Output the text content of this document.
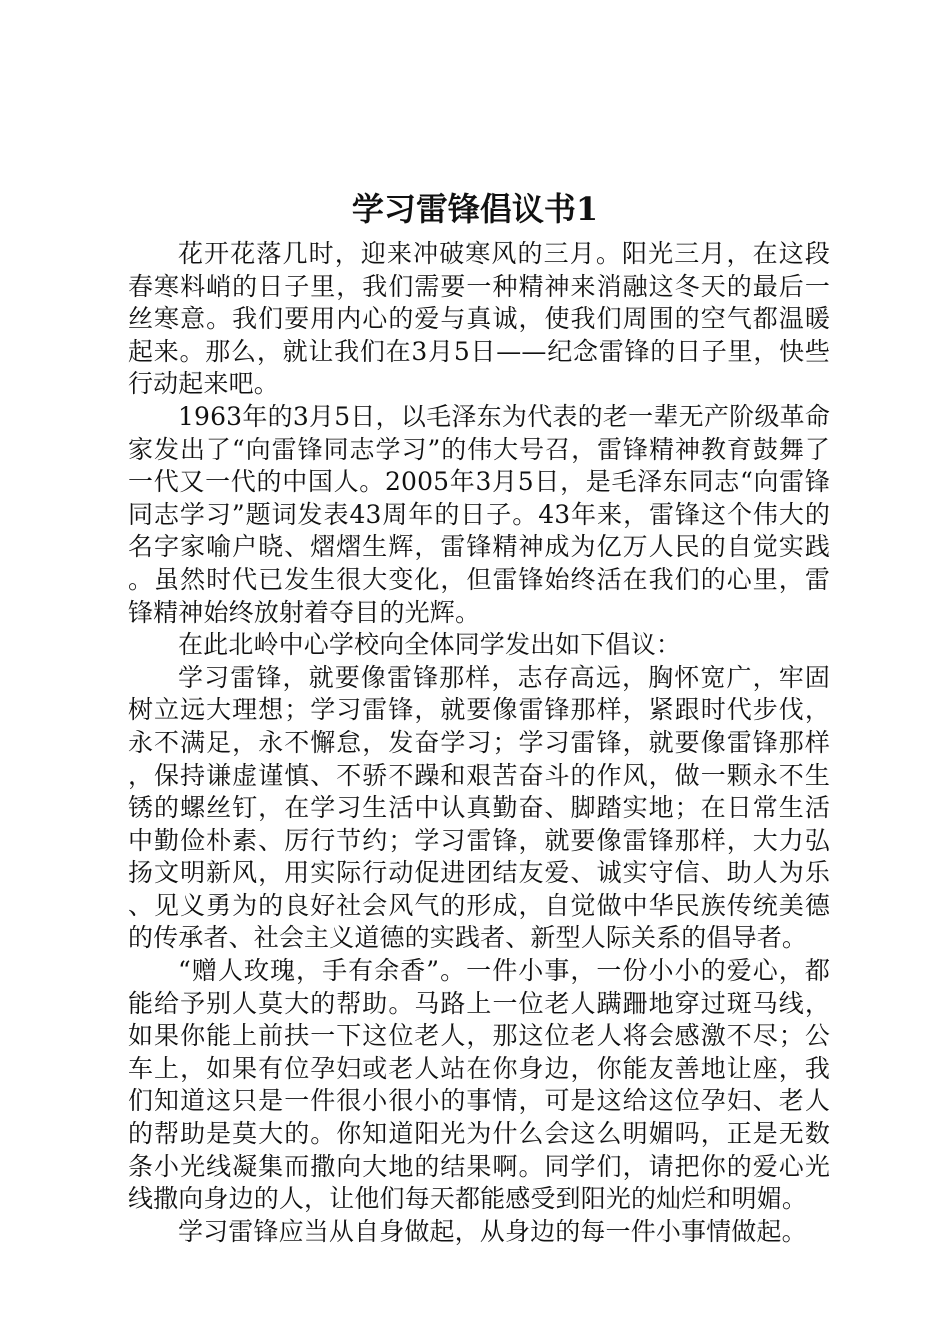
学习雷锋倡议书1

花开花落几时，迎来冲破寒风的三月。阳光三月，在这段春寒料峭的日子里，我们需要一种精神来消融这冬天的最后一丝寒意。我们要用内心的爱与真诚，使我们周围的空气都温暖起来。那么，就让我们在3月5日——纪念雷锋的日子里，快些行动起来吧。

1963年的3月5日，以毛泽东为代表的老一辈无产阶级革命家发出了“向雷锋同志学习”的伟大号召，雷锋精神教育鼓舞了一代又一代的中国人。2005年3月5日，是毛泽东同志“向雷锋同志学习”题词发表43周年的日子。43年来，雷锋这个伟大的名字家喻户晓、熠熠生辉，雷锋精神成为亿万人民的自觉实践。虽然时代已发生很大变化，但雷锋始终活在我们的心里，雷锋精神始终放射着夺目的光辉。

在此北岭中心学校向全体同学发出如下倡议：

学习雷锋，就要像雷锋那样，志存高远，胸怀宽广，牢固树立远大理想；学习雷锋，就要像雷锋那样，紧跟时代步伐，永不满足，永不懈怠，发奋学习；学习雷锋，就要像雷锋那样，保持谦虚谨慎、不骄不躁和艰苦奋斗的作风，做一颗永不生锈的螺丝钉，在学习生活中认真勤奋、脚踏实地；在日常生活中勤俭朴素、厉行节约；学习雷锋，就要像雷锋那样，大力弘扬文明新风，用实际行动促进团结友爱、诚实守信、助人为乐、见义勇为的良好社会风气的形成，自觉做中华民族传统美德的传承者、社会主义道德的实践者、新型人际关系的倡导者。

“赠人玫瑰，手有余香”。一件小事，一份小小的爱心，都能给予别人莫大的帮助。马路上一位老人蹒跚地穿过斑马线，如果你能上前扶一下这位老人，那这位老人将会感激不尽；公车上，如果有位孕妇或老人站在你身边，你能友善地让座，我们知道这只是一件很小很小的事情，可是这给这位孕妇、老人的帮助是莫大的。你知道阳光为什么会这么明媚吗，正是无数条小光线凝集而撒向大地的结果啊。同学们，请把你的爱心光线撒向身边的人，让他们每天都能感受到阳光的灿烂和明媚。

学习雷锋应当从自身做起，从身边的每一件小事情做起。
